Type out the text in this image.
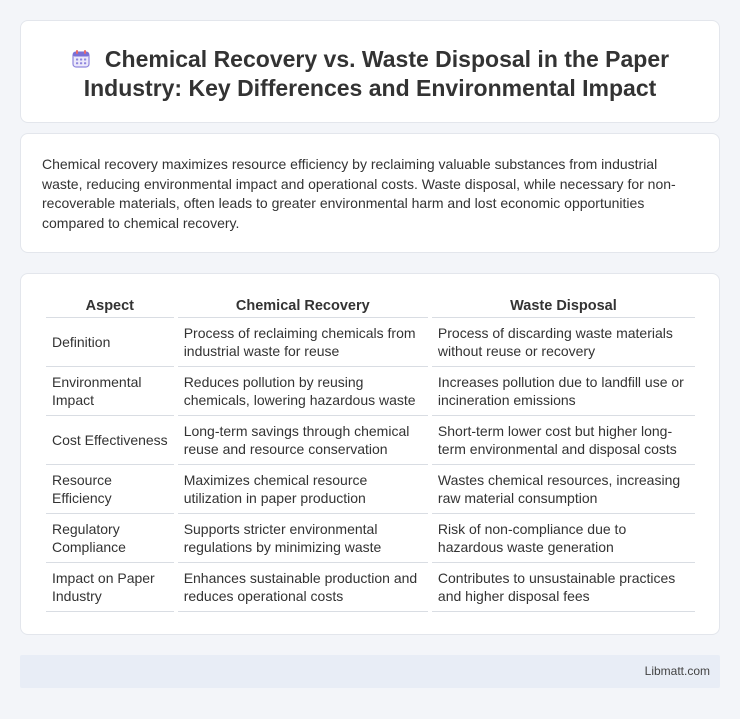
Chemical Recovery vs. Waste Disposal in the Paper Industry: Key Differences and Environmental Impact

Chemical recovery maximizes resource efficiency by reclaiming valuable substances from industrial waste, reducing environmental impact and operational costs. Waste disposal, while necessary for non-recoverable materials, often leads to greater environmental harm and lost economic opportunities compared to chemical recovery.

Aspect	Chemical Recovery	Waste Disposal
Definition	Process of reclaiming chemicals from industrial waste for reuse	Process of discarding waste materials without reuse or recovery
Environmental Impact	Reduces pollution by reusing chemicals, lowering hazardous waste	Increases pollution due to landfill use or incineration emissions
Cost Effectiveness	Long-term savings through chemical reuse and resource conservation	Short-term lower cost but higher long-term environmental and disposal costs
Resource Efficiency	Maximizes chemical resource utilization in paper production	Wastes chemical resources, increasing raw material consumption
Regulatory Compliance	Supports stricter environmental regulations by minimizing waste	Risk of non-compliance due to hazardous waste generation
Impact on Paper Industry	Enhances sustainable production and reduces operational costs	Contributes to unsustainable practices and higher disposal fees
Libmatt.com
